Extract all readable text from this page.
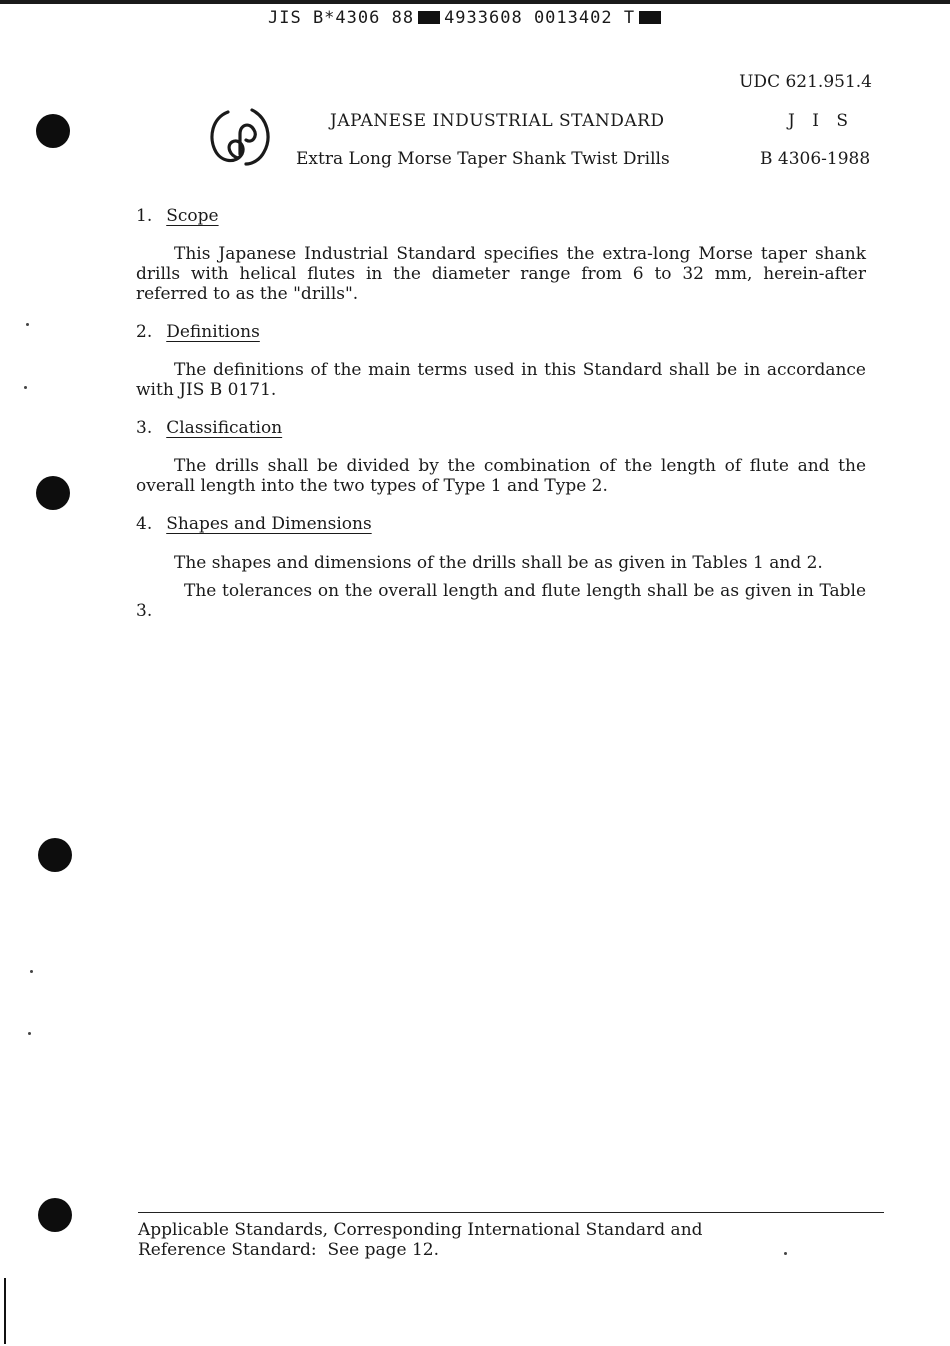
JIS B*4306 88 4933608 0013402 T
UDC 621.951.4
JAPANESE INDUSTRIAL STANDARD	J I S
Extra Long Morse Taper Shank Twist Drills	B 4306-1988
1. Scope

This Japanese Industrial Standard specifies the extra-long Morse taper shank drills with helical flutes in the diameter range from 6 to 32 mm, herein-after referred to as the "drills".

2. Definitions

The definitions of the main terms used in this Standard shall be in accordance with JIS B 0171.

3. Classification

The drills shall be divided by the combination of the length of flute and the overall length into the two types of Type 1 and Type 2.

4. Shapes and Dimensions

The shapes and dimensions of the drills shall be as given in Tables 1 and 2.

The tolerances on the overall length and flute length shall be as given in Table 3.

Applicable Standards, Corresponding International Standard and
Reference Standard:  See page 12.
